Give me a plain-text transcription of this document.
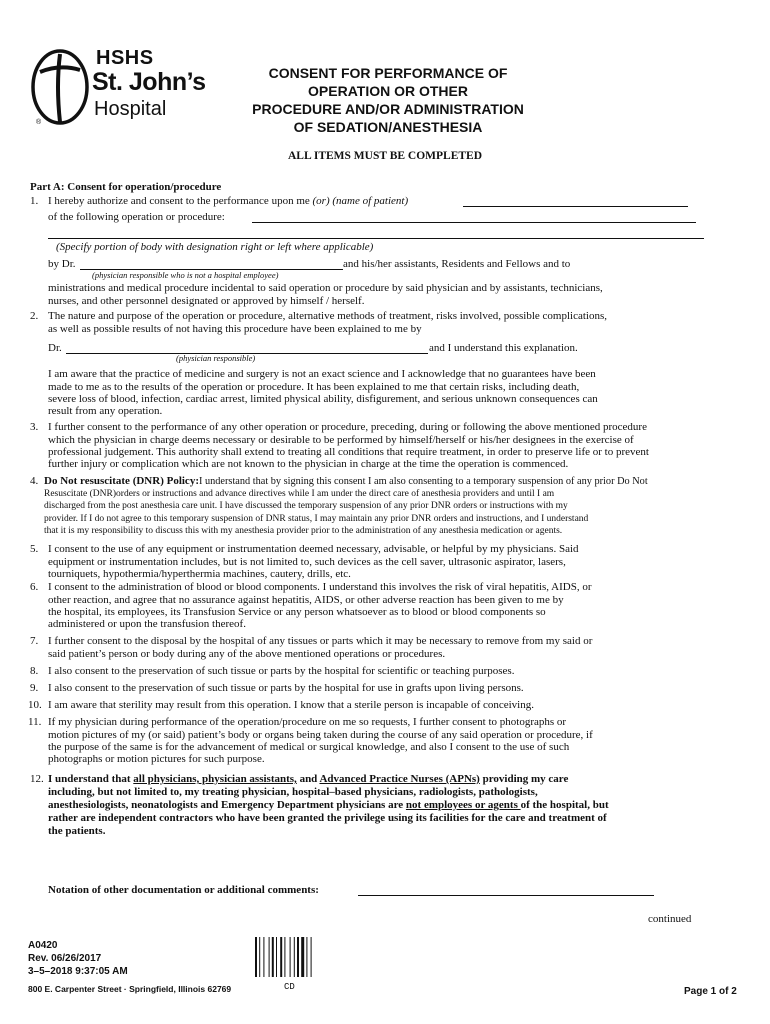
®
HSHS
St. John’s
Hospital
CONSENT FOR PERFORMANCE OF
OPERATION OR OTHER
PROCEDURE AND/OR ADMINISTRATION
OF SEDATION/ANESTHESIA
ALL ITEMS MUST BE COMPLETED
Part A: Consent for operation/procedure
1. I hereby authorize and consent to the performance upon me (or) (name of patient)
of the following operation or procedure:
(Specify portion of body with designation right or left where applicable)
by Dr.	and his/her assistants, Residents and Fellows and to
(physician responsible who is not a hospital employee)
ministrations and medical procedure incidental to said operation or procedure by said physician and by assistants, technicians,
nurses, and other personnel designated or approved by himself / herself.
2. The nature and purpose of the operation or procedure, alternative methods of treatment, risks involved, possible complications,
as well as possible results of not having this procedure have been explained to me by
Dr.	and I understand this explanation.
(physician responsible)
I am aware that the practice of medicine and surgery is not an exact science and I acknowledge that no guarantees have been
made to me as to the results of the operation or procedure. It has been explained to me that certain risks, including death,
severe loss of blood, infection, cardiac arrest, limited physical ability, disfigurement, and serious unknown consequences can
result from any operation.
3. I further consent to the performance of any other operation or procedure, preceding, during or following the above mentioned procedure
which the physician in charge deems necessary or desirable to be performed by himself/herself or his/her designees in the exercise of
professional judgement. This authority shall extend to treating all conditions that require treatment, in order to preserve life or to prevent
further injury or complication which are not known to the physician in charge at the time the operation is commenced.
4. Do Not resuscitate (DNR) Policy:I understand that by signing this consent I am also consenting to a temporary suspension of any prior Do Not
Resuscitate (DNR)orders or instructions and advance directives while I am under the direct care of anesthesia providers and until I am
discharged from the post anesthesia care unit. I have discussed the temporary suspension of any prior DNR orders or instructions with my
provider. If I do not agree to this temporary suspension of DNR status, I may maintain any prior DNR orders and instructions, and I understand
that it is my responsibility to discuss this with my anesthesia provider prior to the administration of any anesthesia medication or agents.
5. I consent to the use of any equipment or instrumentation deemed necessary, advisable, or helpful by my physicians. Said
equipment or instrumentation includes, but is not limited to, such devices as the cell saver, ultrasonic aspirator, lasers,
tourniquets, hypothermia/hyperthermia machines, cautery, drills, etc.
6. I consent to the administration of blood or blood components. I understand this involves the risk of viral hepatitis, AIDS, or
other reaction, and agree that no assurance against hepatitis, AIDS, or other adverse reaction has been given to me by
the hospital, its employees, its Transfusion Service or any person whatsoever as to blood or blood components so
administered or upon the transfusion thereof.
7. I further consent to the disposal by the hospital of any tissues or parts which it may be necessary to remove from my said or
said patient’s person or body during any of the above mentioned operations or procedures.
8. I also consent to the preservation of such tissue or parts by the hospital for scientific or teaching purposes.
9. I also consent to the preservation of such tissue or parts by the hospital for use in grafts upon living persons.
10. I am aware that sterility may result from this operation. I know that a sterile person is incapable of conceiving.
11. If my physician during performance of the operation/procedure on me so requests, I further consent to photographs or
motion pictures of my (or said) patient’s body or organs being taken during the course of any said operation or procedure, if
the purpose of the same is for the advancement of medical or surgical knowledge, and also I consent to the use of such
photographs or motion pictures for such purpose.
12. I understand that all physicians, physician assistants, and Advanced Practice Nurses (APNs) providing my care
including, but not limited to, my treating physician, hospital–based physicians, radiologists, pathologists,
anesthesiologists, neonatologists and Emergency Department physicians are not employees or agents of the hospital, but
rather are independent contractors who have been granted the privilege using its facilities for the care and treatment of
the patients.
Notation of other documentation or additional comments:
continued
A0420
Rev. 06/26/2017
3–5–2018 9:37:05 AM
800 E. Carpenter Street · Springfield, Illinois 62769	CD	Page 1 of 2
